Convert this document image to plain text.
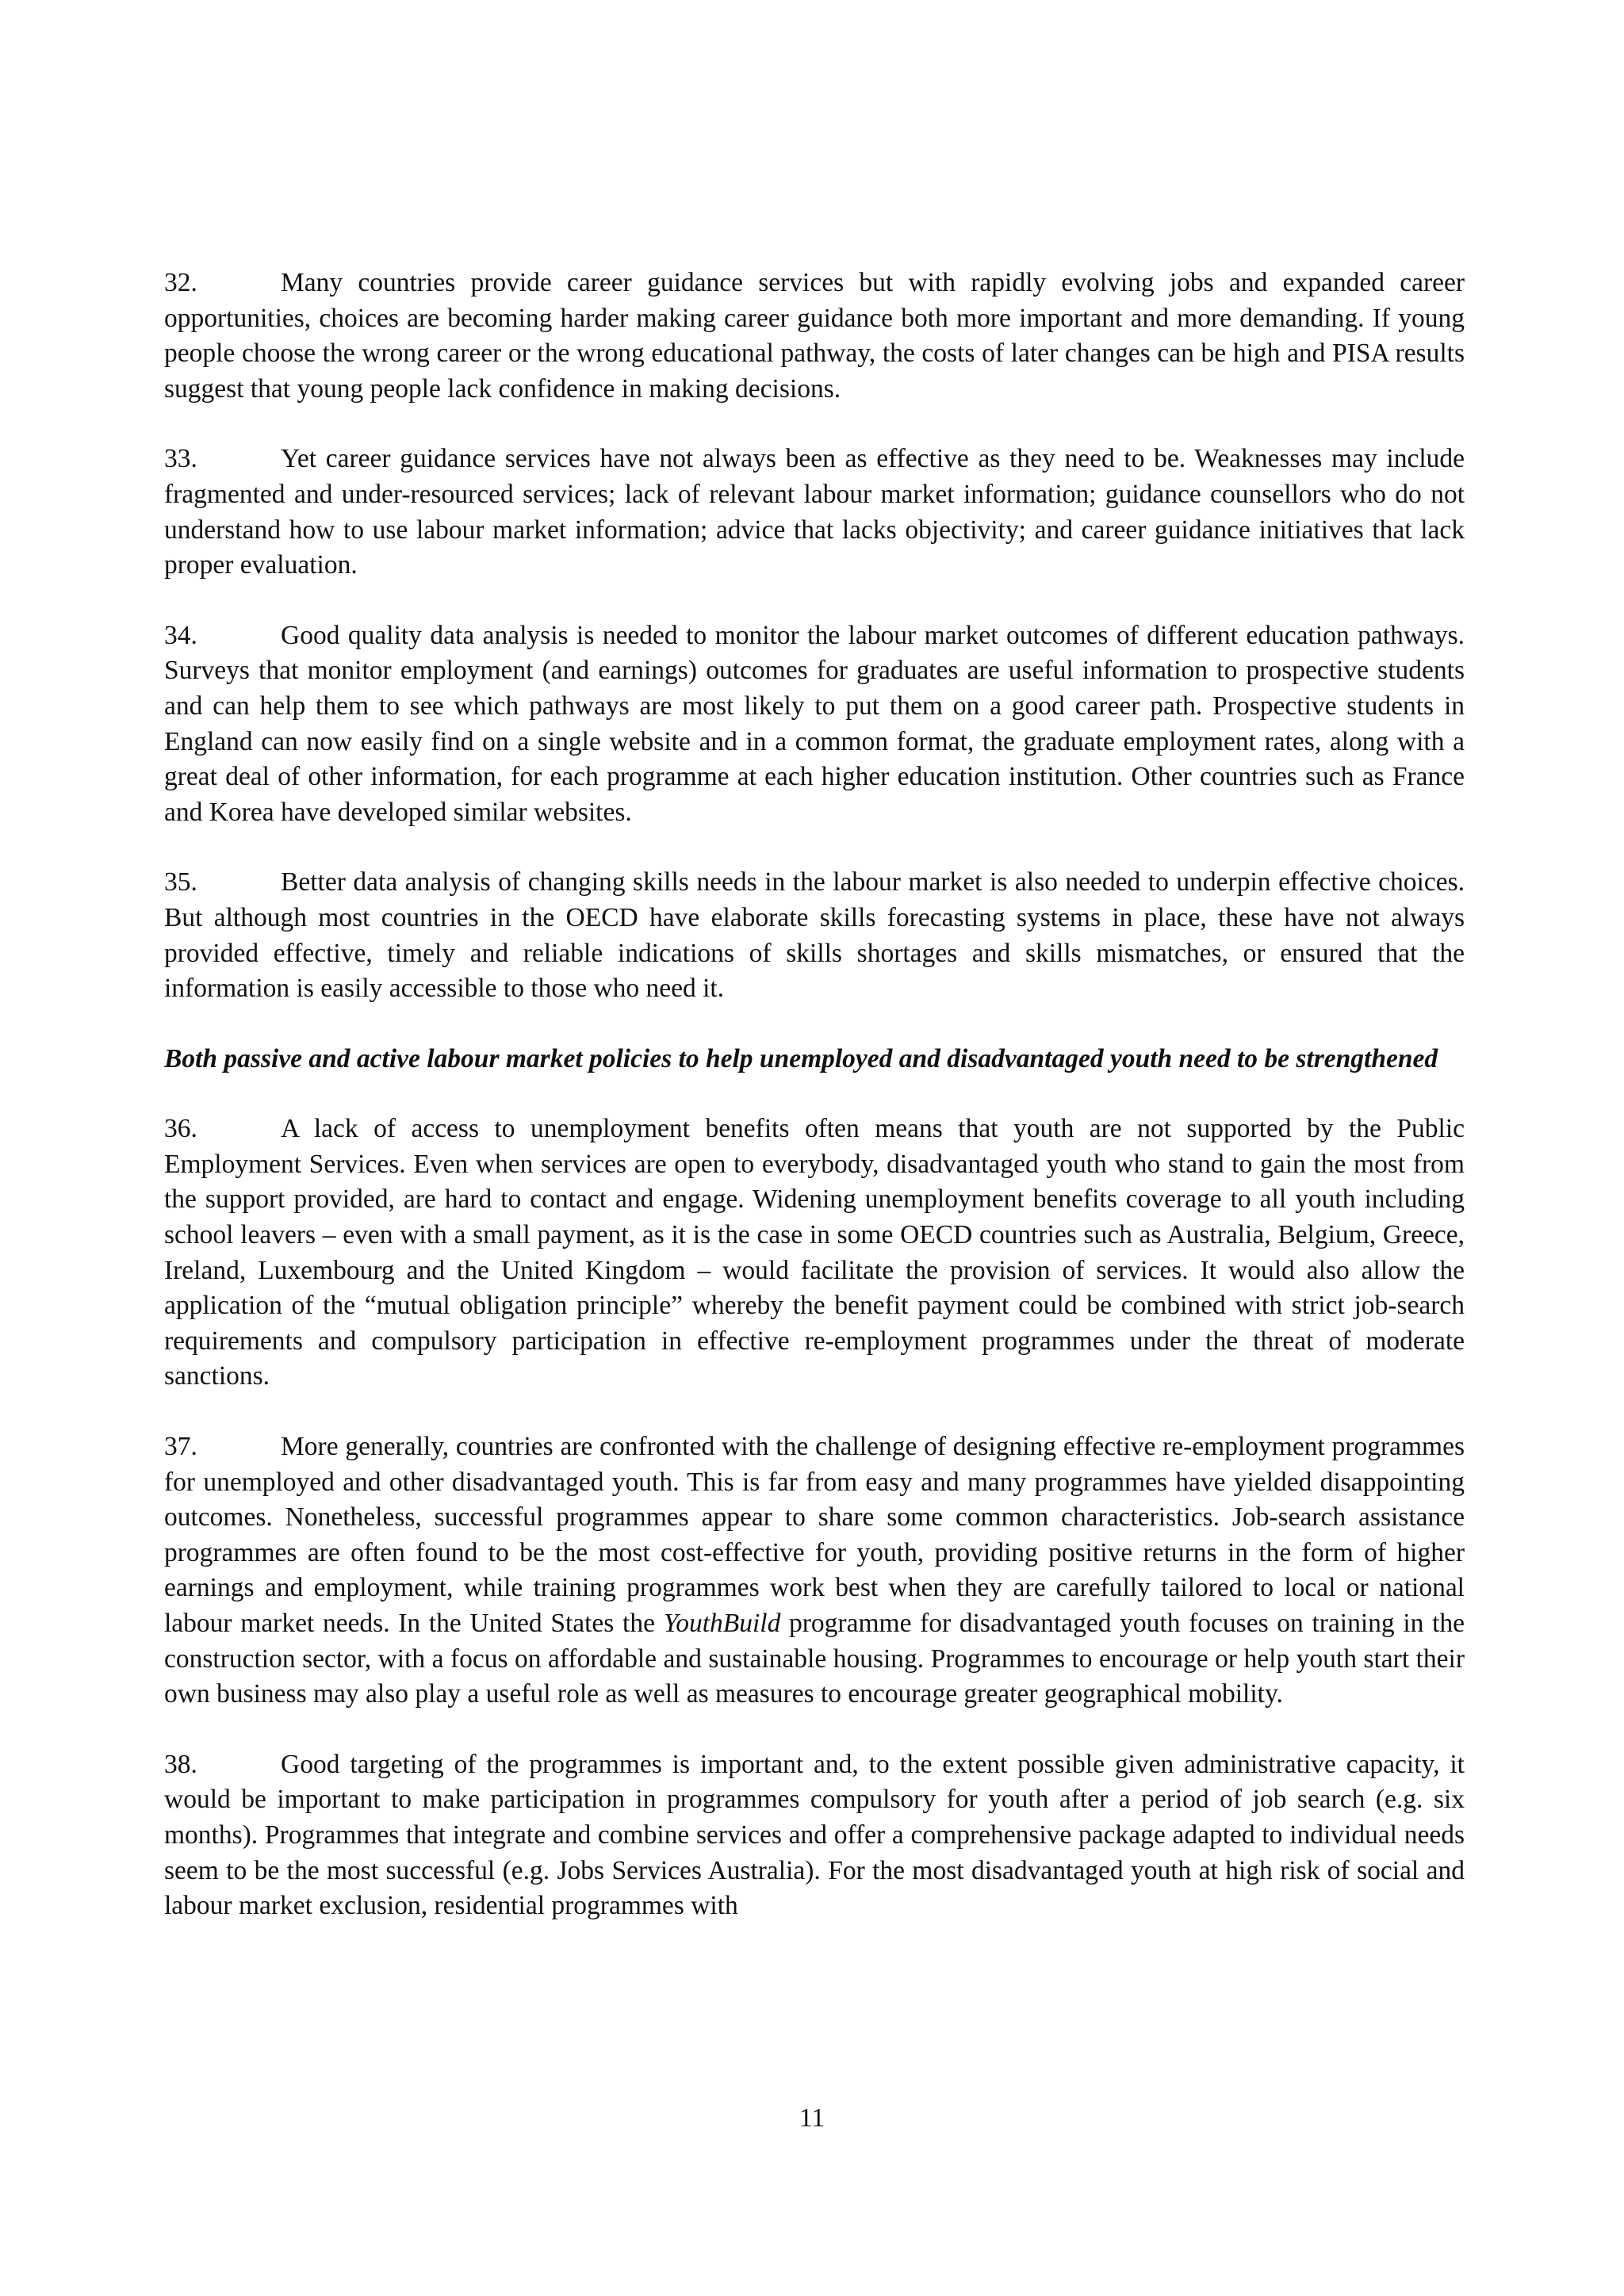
32.	Many countries provide career guidance services but with rapidly evolving jobs and expanded career opportunities, choices are becoming harder making career guidance both more important and more demanding. If young people choose the wrong career or the wrong educational pathway, the costs of later changes can be high and PISA results suggest that young people lack confidence in making decisions.

33.	Yet career guidance services have not always been as effective as they need to be. Weaknesses may include fragmented and under-resourced services; lack of relevant labour market information; guidance counsellors who do not understand how to use labour market information; advice that lacks objectivity; and career guidance initiatives that lack proper evaluation.

34.	Good quality data analysis is needed to monitor the labour market outcomes of different education pathways. Surveys that monitor employment (and earnings) outcomes for graduates are useful information to prospective students and can help them to see which pathways are most likely to put them on a good career path. Prospective students in England can now easily find on a single website and in a common format, the graduate employment rates, along with a great deal of other information, for each programme at each higher education institution. Other countries such as France and Korea have developed similar websites.

35.	Better data analysis of changing skills needs in the labour market is also needed to underpin effective choices. But although most countries in the OECD have elaborate skills forecasting systems in place, these have not always provided effective, timely and reliable indications of skills shortages and skills mismatches, or ensured that the information is easily accessible to those who need it.

Both passive and active labour market policies to help unemployed and disadvantaged youth need to be strengthened

36.	A lack of access to unemployment benefits often means that youth are not supported by the Public Employment Services. Even when services are open to everybody, disadvantaged youth who stand to gain the most from the support provided, are hard to contact and engage. Widening unemployment benefits coverage to all youth including school leavers – even with a small payment, as it is the case in some OECD countries such as Australia, Belgium, Greece, Ireland, Luxembourg and the United Kingdom – would facilitate the provision of services. It would also allow the application of the “mutual obligation principle” whereby the benefit payment could be combined with strict job-search requirements and compulsory participation in effective re-employment programmes under the threat of moderate sanctions.

37.	More generally, countries are confronted with the challenge of designing effective re-employment programmes for unemployed and other disadvantaged youth. This is far from easy and many programmes have yielded disappointing outcomes. Nonetheless, successful programmes appear to share some common characteristics. Job-search assistance programmes are often found to be the most cost-effective for youth, providing positive returns in the form of higher earnings and employment, while training programmes work best when they are carefully tailored to local or national labour market needs. In the United States the YouthBuild programme for disadvantaged youth focuses on training in the construction sector, with a focus on affordable and sustainable housing. Programmes to encourage or help youth start their own business may also play a useful role as well as measures to encourage greater geographical mobility.

38.	Good targeting of the programmes is important and, to the extent possible given administrative capacity, it would be important to make participation in programmes compulsory for youth after a period of job search (e.g. six months). Programmes that integrate and combine services and offer a comprehensive package adapted to individual needs seem to be the most successful (e.g. Jobs Services Australia). For the most disadvantaged youth at high risk of social and labour market exclusion, residential programmes with

11
